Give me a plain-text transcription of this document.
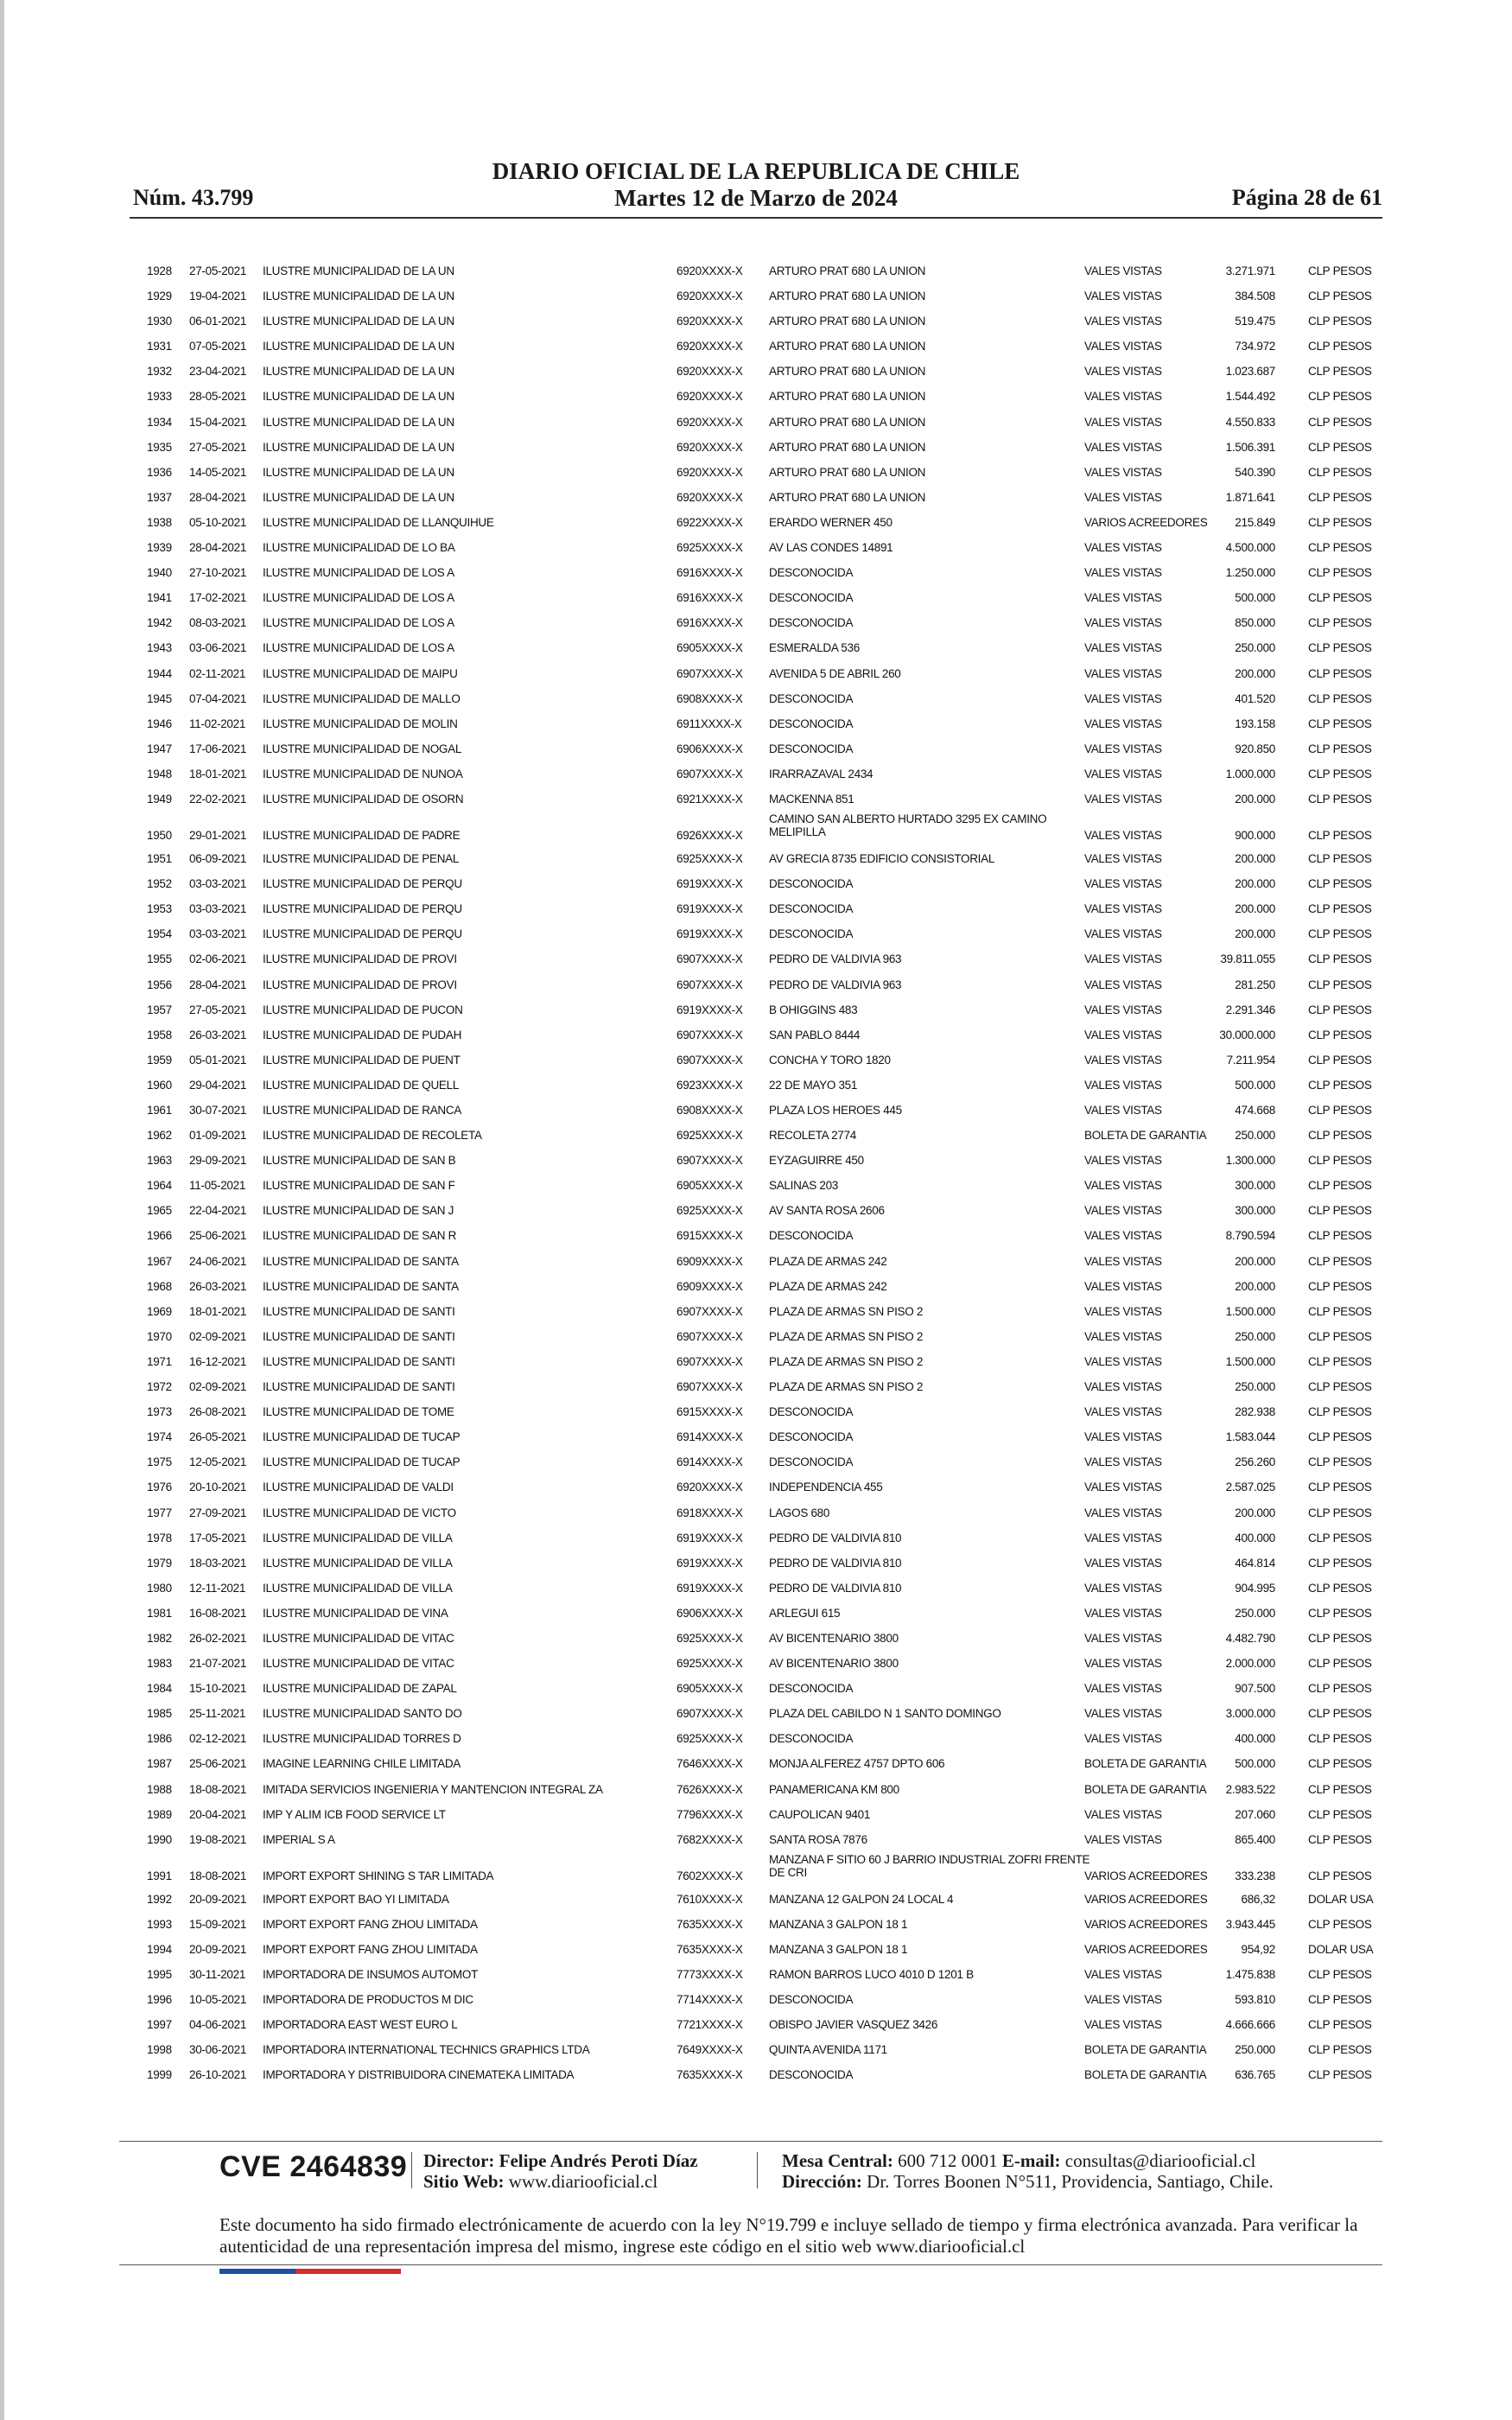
DIARIO OFICIAL DE LA REPUBLICA DE CHILE
Núm. 43.799	Martes 12 de Marzo de 2024	Página 28 de 61
1928 27-05-2021 ILUSTRE MUNICIPALIDAD DE LA UN	6920XXXX-X ARTURO PRAT 680 LA UNION	VALES VISTAS	3.271.971	CLP PESOS
1929 19-04-2021 ILUSTRE MUNICIPALIDAD DE LA UN	6920XXXX-X ARTURO PRAT 680 LA UNION	VALES VISTAS	384.508	CLP PESOS
1930 06-01-2021 ILUSTRE MUNICIPALIDAD DE LA UN	6920XXXX-X ARTURO PRAT 680 LA UNION	VALES VISTAS	519.475	CLP PESOS
1931 07-05-2021 ILUSTRE MUNICIPALIDAD DE LA UN	6920XXXX-X ARTURO PRAT 680 LA UNION	VALES VISTAS	734.972	CLP PESOS
1932 23-04-2021 ILUSTRE MUNICIPALIDAD DE LA UN	6920XXXX-X ARTURO PRAT 680 LA UNION	VALES VISTAS	1.023.687	CLP PESOS
1933 28-05-2021 ILUSTRE MUNICIPALIDAD DE LA UN	6920XXXX-X ARTURO PRAT 680 LA UNION	VALES VISTAS	1.544.492	CLP PESOS
1934 15-04-2021 ILUSTRE MUNICIPALIDAD DE LA UN	6920XXXX-X ARTURO PRAT 680 LA UNION	VALES VISTAS	4.550.833	CLP PESOS
1935 27-05-2021 ILUSTRE MUNICIPALIDAD DE LA UN	6920XXXX-X ARTURO PRAT 680 LA UNION	VALES VISTAS	1.506.391	CLP PESOS
1936 14-05-2021 ILUSTRE MUNICIPALIDAD DE LA UN	6920XXXX-X ARTURO PRAT 680 LA UNION	VALES VISTAS	540.390	CLP PESOS
1937 28-04-2021 ILUSTRE MUNICIPALIDAD DE LA UN	6920XXXX-X ARTURO PRAT 680 LA UNION	VALES VISTAS	1.871.641	CLP PESOS
1938 05-10-2021 ILUSTRE MUNICIPALIDAD DE LLANQUIHUE	6922XXXX-X ERARDO WERNER 450	VARIOS ACREEDORES	215.849	CLP PESOS
1939 28-04-2021 ILUSTRE MUNICIPALIDAD DE LO BA	6925XXXX-X AV LAS CONDES 14891	VALES VISTAS	4.500.000	CLP PESOS
1940 27-10-2021 ILUSTRE MUNICIPALIDAD DE LOS A	6916XXXX-X DESCONOCIDA	VALES VISTAS	1.250.000	CLP PESOS
1941 17-02-2021 ILUSTRE MUNICIPALIDAD DE LOS A	6916XXXX-X DESCONOCIDA	VALES VISTAS	500.000	CLP PESOS
1942 08-03-2021 ILUSTRE MUNICIPALIDAD DE LOS A	6916XXXX-X DESCONOCIDA	VALES VISTAS	850.000	CLP PESOS
1943 03-06-2021 ILUSTRE MUNICIPALIDAD DE LOS A	6905XXXX-X ESMERALDA 536	VALES VISTAS	250.000	CLP PESOS
1944 02-11-2021 ILUSTRE MUNICIPALIDAD DE MAIPU	6907XXXX-X AVENIDA 5 DE ABRIL 260	VALES VISTAS	200.000	CLP PESOS
1945 07-04-2021 ILUSTRE MUNICIPALIDAD DE MALLO	6908XXXX-X DESCONOCIDA	VALES VISTAS	401.520	CLP PESOS
1946 11-02-2021 ILUSTRE MUNICIPALIDAD DE MOLIN	6911XXXX-X DESCONOCIDA	VALES VISTAS	193.158	CLP PESOS
1947 17-06-2021 ILUSTRE MUNICIPALIDAD DE NOGAL	6906XXXX-X DESCONOCIDA	VALES VISTAS	920.850	CLP PESOS
1948 18-01-2021 ILUSTRE MUNICIPALIDAD DE NUNOA	6907XXXX-X IRARRAZAVAL 2434	VALES VISTAS	1.000.000	CLP PESOS
1949 22-02-2021 ILUSTRE MUNICIPALIDAD DE OSORN	6921XXXX-X MACKENNA 851	VALES VISTAS	200.000	CLP PESOS
1950 29-01-2021 ILUSTRE MUNICIPALIDAD DE PADRE	6926XXXX-X
CAMINO SAN ALBERTO HURTADO 3295 EX CAMINO MELIPILLA	VALES VISTAS	900.000	CLP PESOS
1951 06-09-2021 ILUSTRE MUNICIPALIDAD DE PENAL	6925XXXX-X AV GRECIA 8735 EDIFICIO CONSISTORIAL	VALES VISTAS	200.000	CLP PESOS
1952 03-03-2021 ILUSTRE MUNICIPALIDAD DE PERQU	6919XXXX-X DESCONOCIDA	VALES VISTAS	200.000	CLP PESOS
1953 03-03-2021 ILUSTRE MUNICIPALIDAD DE PERQU	6919XXXX-X DESCONOCIDA	VALES VISTAS	200.000	CLP PESOS
1954 03-03-2021 ILUSTRE MUNICIPALIDAD DE PERQU	6919XXXX-X DESCONOCIDA	VALES VISTAS	200.000	CLP PESOS
1955 02-06-2021 ILUSTRE MUNICIPALIDAD DE PROVI	6907XXXX-X PEDRO DE VALDIVIA 963	VALES VISTAS	39.811.055	CLP PESOS
1956 28-04-2021 ILUSTRE MUNICIPALIDAD DE PROVI	6907XXXX-X PEDRO DE VALDIVIA 963	VALES VISTAS	281.250	CLP PESOS
1957 27-05-2021 ILUSTRE MUNICIPALIDAD DE PUCON	6919XXXX-X B OHIGGINS 483	VALES VISTAS	2.291.346	CLP PESOS
1958 26-03-2021 ILUSTRE MUNICIPALIDAD DE PUDAH	6907XXXX-X SAN PABLO 8444	VALES VISTAS	30.000.000	CLP PESOS
1959 05-01-2021 ILUSTRE MUNICIPALIDAD DE PUENT	6907XXXX-X CONCHA Y TORO 1820	VALES VISTAS	7.211.954	CLP PESOS
1960 29-04-2021 ILUSTRE MUNICIPALIDAD DE QUELL	6923XXXX-X 22 DE MAYO 351	VALES VISTAS	500.000	CLP PESOS
1961 30-07-2021 ILUSTRE MUNICIPALIDAD DE RANCA	6908XXXX-X PLAZA LOS HEROES 445	VALES VISTAS	474.668	CLP PESOS
1962 01-09-2021 ILUSTRE MUNICIPALIDAD DE RECOLETA	6925XXXX-X RECOLETA 2774	BOLETA DE GARANTIA	250.000	CLP PESOS
1963 29-09-2021 ILUSTRE MUNICIPALIDAD DE SAN B	6907XXXX-X EYZAGUIRRE 450	VALES VISTAS	1.300.000	CLP PESOS
1964 11-05-2021 ILUSTRE MUNICIPALIDAD DE SAN F	6905XXXX-X SALINAS 203	VALES VISTAS	300.000	CLP PESOS
1965 22-04-2021 ILUSTRE MUNICIPALIDAD DE SAN J	6925XXXX-X AV SANTA ROSA 2606	VALES VISTAS	300.000	CLP PESOS
1966 25-06-2021 ILUSTRE MUNICIPALIDAD DE SAN R	6915XXXX-X DESCONOCIDA	VALES VISTAS	8.790.594	CLP PESOS
1967 24-06-2021 ILUSTRE MUNICIPALIDAD DE SANTA	6909XXXX-X PLAZA DE ARMAS 242	VALES VISTAS	200.000	CLP PESOS
1968 26-03-2021 ILUSTRE MUNICIPALIDAD DE SANTA	6909XXXX-X PLAZA DE ARMAS 242	VALES VISTAS	200.000	CLP PESOS
1969 18-01-2021 ILUSTRE MUNICIPALIDAD DE SANTI	6907XXXX-X PLAZA DE ARMAS SN PISO 2	VALES VISTAS	1.500.000	CLP PESOS
1970 02-09-2021 ILUSTRE MUNICIPALIDAD DE SANTI	6907XXXX-X PLAZA DE ARMAS SN PISO 2	VALES VISTAS	250.000	CLP PESOS
1971 16-12-2021 ILUSTRE MUNICIPALIDAD DE SANTI	6907XXXX-X PLAZA DE ARMAS SN PISO 2	VALES VISTAS	1.500.000	CLP PESOS
1972 02-09-2021 ILUSTRE MUNICIPALIDAD DE SANTI	6907XXXX-X PLAZA DE ARMAS SN PISO 2	VALES VISTAS	250.000	CLP PESOS
1973 26-08-2021 ILUSTRE MUNICIPALIDAD DE TOME	6915XXXX-X DESCONOCIDA	VALES VISTAS	282.938	CLP PESOS
1974 26-05-2021 ILUSTRE MUNICIPALIDAD DE TUCAP	6914XXXX-X DESCONOCIDA	VALES VISTAS	1.583.044	CLP PESOS
1975 12-05-2021 ILUSTRE MUNICIPALIDAD DE TUCAP	6914XXXX-X DESCONOCIDA	VALES VISTAS	256.260	CLP PESOS
1976 20-10-2021 ILUSTRE MUNICIPALIDAD DE VALDI	6920XXXX-X INDEPENDENCIA 455	VALES VISTAS	2.587.025	CLP PESOS
1977 27-09-2021 ILUSTRE MUNICIPALIDAD DE VICTO	6918XXXX-X LAGOS 680	VALES VISTAS	200.000	CLP PESOS
1978 17-05-2021 ILUSTRE MUNICIPALIDAD DE VILLA	6919XXXX-X PEDRO DE VALDIVIA 810	VALES VISTAS	400.000	CLP PESOS
1979 18-03-2021 ILUSTRE MUNICIPALIDAD DE VILLA	6919XXXX-X PEDRO DE VALDIVIA 810	VALES VISTAS	464.814	CLP PESOS
1980 12-11-2021 ILUSTRE MUNICIPALIDAD DE VILLA	6919XXXX-X PEDRO DE VALDIVIA 810	VALES VISTAS	904.995	CLP PESOS
1981 16-08-2021 ILUSTRE MUNICIPALIDAD DE VINA	6906XXXX-X ARLEGUI 615	VALES VISTAS	250.000	CLP PESOS
1982 26-02-2021 ILUSTRE MUNICIPALIDAD DE VITAC	6925XXXX-X AV BICENTENARIO 3800	VALES VISTAS	4.482.790	CLP PESOS
1983 21-07-2021 ILUSTRE MUNICIPALIDAD DE VITAC	6925XXXX-X AV BICENTENARIO 3800	VALES VISTAS	2.000.000	CLP PESOS
1984 15-10-2021 ILUSTRE MUNICIPALIDAD DE ZAPAL	6905XXXX-X DESCONOCIDA	VALES VISTAS	907.500	CLP PESOS
1985 25-11-2021 ILUSTRE MUNICIPALIDAD SANTO DO	6907XXXX-X PLAZA DEL CABILDO N 1 SANTO DOMINGO	VALES VISTAS	3.000.000	CLP PESOS
1986 02-12-2021 ILUSTRE MUNICIPALIDAD TORRES D	6925XXXX-X DESCONOCIDA	VALES VISTAS	400.000	CLP PESOS
1987 25-06-2021 IMAGINE LEARNING CHILE LIMITADA	7646XXXX-X MONJA ALFEREZ 4757 DPTO 606	BOLETA DE GARANTIA	500.000	CLP PESOS
1988 18-08-2021 IMITADA SERVICIOS INGENIERIA Y MANTENCION INTEGRAL ZA	7626XXXX-X PANAMERICANA KM 800	BOLETA DE GARANTIA	2.983.522	CLP PESOS
1989 20-04-2021 IMP Y ALIM ICB FOOD SERVICE LT	7796XXXX-X CAUPOLICAN 9401	VALES VISTAS	207.060	CLP PESOS
1990 19-08-2021 IMPERIAL S A	7682XXXX-X SANTA ROSA 7876	VALES VISTAS	865.400	CLP PESOS
1991 18-08-2021 IMPORT EXPORT SHINING S TAR LIMITADA	7602XXXX-X
MANZANA F SITIO 60 J BARRIO INDUSTRIAL ZOFRI FRENTE DE CRI	VARIOS ACREEDORES	333.238	CLP PESOS
1992 20-09-2021 IMPORT EXPORT BAO YI LIMITADA	7610XXXX-X MANZANA 12 GALPON 24 LOCAL 4	VARIOS ACREEDORES	686,32	DOLAR USA
1993 15-09-2021 IMPORT EXPORT FANG ZHOU LIMITADA	7635XXXX-X MANZANA 3 GALPON 18 1	VARIOS ACREEDORES	3.943.445	CLP PESOS
1994 20-09-2021 IMPORT EXPORT FANG ZHOU LIMITADA	7635XXXX-X MANZANA 3 GALPON 18 1	VARIOS ACREEDORES	954,92	DOLAR USA
1995 30-11-2021 IMPORTADORA DE INSUMOS AUTOMOT	7773XXXX-X RAMON BARROS LUCO 4010 D 1201 B	VALES VISTAS	1.475.838	CLP PESOS
1996 10-05-2021 IMPORTADORA DE PRODUCTOS M DIC	7714XXXX-X DESCONOCIDA	VALES VISTAS	593.810	CLP PESOS
1997 04-06-2021 IMPORTADORA EAST WEST EURO L	7721XXXX-X OBISPO JAVIER VASQUEZ 3426	VALES VISTAS	4.666.666	CLP PESOS
1998 30-06-2021 IMPORTADORA INTERNATIONAL TECHNICS GRAPHICS LTDA	7649XXXX-X QUINTA AVENIDA 1171	BOLETA DE GARANTIA	250.000	CLP PESOS
1999 26-10-2021 IMPORTADORA Y DISTRIBUIDORA CINEMATEKA LIMITADA	7635XXXX-X DESCONOCIDA	BOLETA DE GARANTIA	636.765	CLP PESOS
CVE 2464839 Director: Felipe Andrés Peroti Díaz
Sitio Web: www.diariooficial.cl
Mesa Central: 600 712 0001 E-mail: consultas@diariooficial.cl
Dirección: Dr. Torres Boonen N°511, Providencia, Santiago, Chile.
Este documento ha sido firmado electrónicamente de acuerdo con la ley N°19.799 e incluye sellado de tiempo y firma electrónica avanzada. Para verificar la autenticidad de una representación impresa del mismo, ingrese este código en el sitio web www.diariooficial.cl
